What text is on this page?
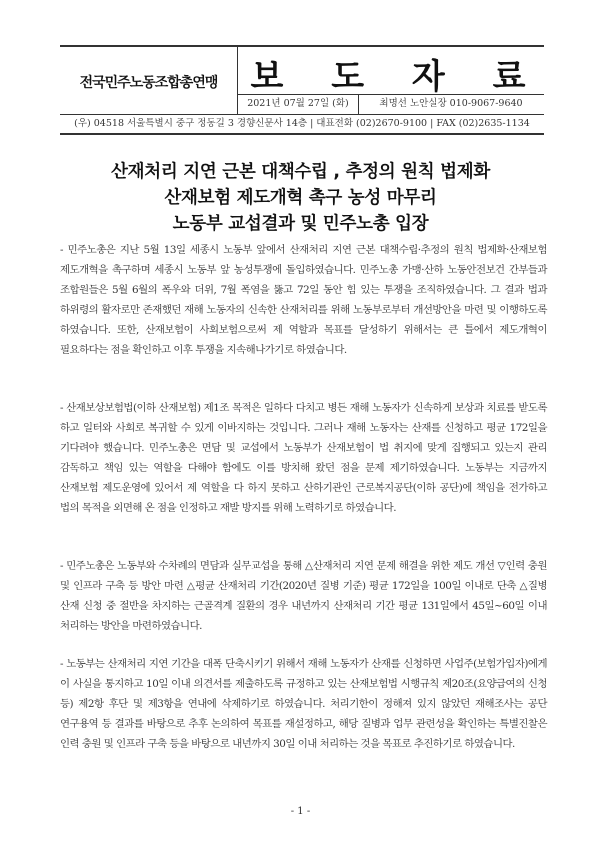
전국민주노동조합총연맹 보 도 자 료
2021년 07월 27일 (화)	최명선 노안실장 010-9067-9640
(우) 04518 서울특별시 중구 정동길 3 경향신문사 14층 | 대표전화 (02)2670-9100 | FAX (02)2635-1134
산재처리 지연 근본 대책수립 , 추정의 원칙 법제화
산재보험 제도개혁 촉구 농성 마무리
노동부 교섭결과 및 민주노총 입장
- 민주노총은 지난 5월 13일 세종시 노동부 앞에서 산재처리 지연 근본 대책수립·추정의 원칙 법제화·산재보험 제도개혁을 촉구하며 세종시 노동부 앞 농성투쟁에 돌입하였습니다. 민주노총 가맹·산하 노동안전보건 간부들과 조합원들은 5월 6월의 폭우와 더위, 7월 폭염을 뚫고 72일 동안 힘 있는 투쟁을 조직하였습니다. 그 결과 법과 하위령의 활자로만 존재했던 재해 노동자의 신속한 산재처리를 위해 노동부로부터 개선방안을 마련 및 이행하도록 하였습니다. 또한, 산재보험이 사회보험으로써 제 역할과 목표를 달성하기 위해서는 큰 틀에서 제도개혁이 필요하다는 점을 확인하고 이후 투쟁을 지속해나가기로 하였습니다.
- 산재보상보험법(이하 산재보험) 제1조 목적은 일하다 다치고 병든 재해 노동자가 신속하게 보상과 치료를 받도록 하고 일터와 사회로 복귀할 수 있게 이바지하는 것입니다. 그러나 재해 노동자는 산재를 신청하고 평균 172일을 기다려야 했습니다. 민주노총은 면담 및 교섭에서 노동부가 산재보험이 법 취지에 맞게 집행되고 있는지 관리 감독하고 책임 있는 역할을 다해야 함에도 이를 방치해 왔던 점을 문제 제기하였습니다. 노동부는 지금까지 산재보험 제도운영에 있어서 제 역할을 다 하지 못하고 산하기관인 근로복지공단(이하 공단)에 책임을 전가하고 법의 목적을 외면해 온 점을 인정하고 재발 방지를 위해 노력하기로 하였습니다.
- 민주노총은 노동부와 수차례의 면담과 실무교섭을 통해 △산재처리 지연 문제 해결을 위한 제도 개선 ▽인력 충원 및 인프라 구축 등 방안 마련 △평균 산재처리 기간(2020년 질병 기준) 평균 172일을 100일 이내로 단축 △질병 산재 신청 중 절반을 차지하는 근골격계 질환의 경우 내년까지 산재처리 기간 평균 131일에서 45일~60일 이내 처리하는 방안을 마련하였습니다.
- 노동부는 산재처리 지연 기간을 대폭 단축시키기 위해서 재해 노동자가 산재를 신청하면 사업주(보험가입자)에게 이 사실을 통지하고 10일 이내 의견서를 제출하도록 규정하고 있는 산재보험법 시행규칙 제20조(요양급여의 신청 등) 제2항 후단 및 제3항을 연내에 삭제하기로 하였습니다. 처리기한이 정해져 있지 않았던 재해조사는 공단 연구용역 등 결과를 바탕으로 추후 논의하여 목표를 재설정하고, 해당 질병과 업무 관련성을 확인하는 특별진찰은 인력 충원 및 인프라 구축 등을 바탕으로 내년까지 30일 이내 처리하는 것을 목표로 추진하기로 하였습니다.
- 1 -
